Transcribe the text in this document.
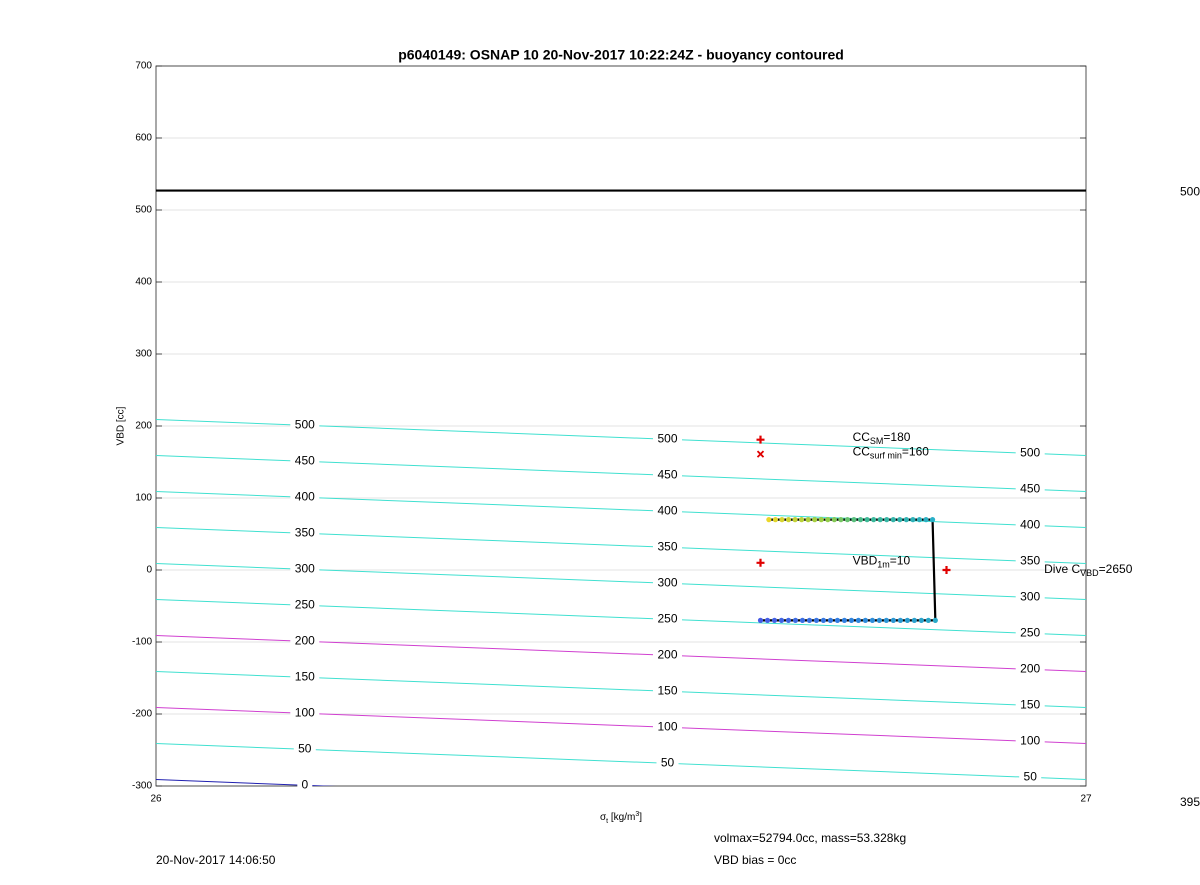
700
600
500
400
300
200
100
0
-100
-200
-300
26	27
p6040149: OSNAP 10 20-Nov-2017 10:22:24Z - buoyancy contoured
VBD [cc]
$\sigma_t$ $[kg/m^3]$
500
395
500
500
500
450
450
450
400
400
400
350
350
350
300
300
300
250
250
250
200
200
200
150
150
150
100
100
100
50
50
50
0
$CC_{SM}=180$
$CC_{surf min}=160$
$VBD_{1m}=10$
Dive $C_{VBD}=2650$
volmax=52794.0cc, mass=53.328kg
VBD bias = 0cc
20-Nov-2017 14:06:50
